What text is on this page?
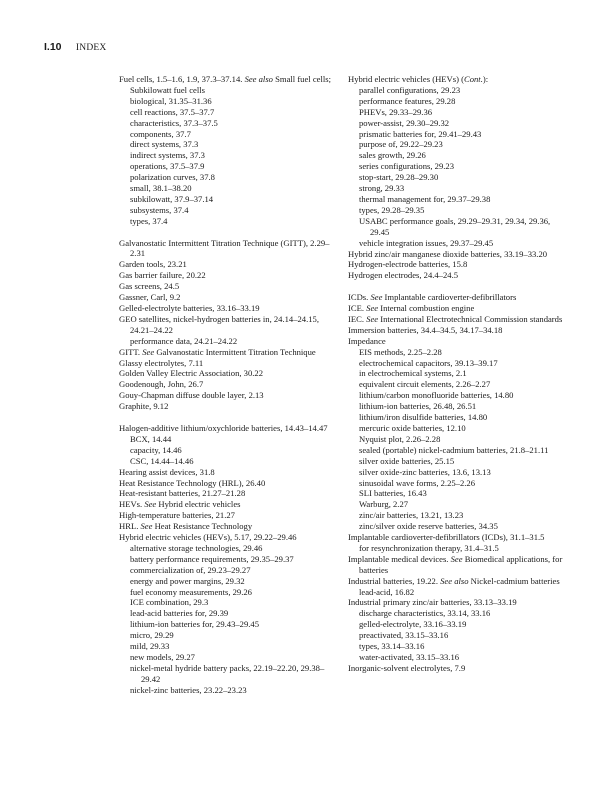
I.10 INDEX

Fuel cells, 1.5–1.6, 1.9, 37.3–37.14. See also Small fuel cells; Subkilowatt fuel cells

biological, 31.35–31.36

cell reactions, 37.5–37.7

characteristics, 37.3–37.5

components, 37.7

direct systems, 37.3

indirect systems, 37.3

operations, 37.5–37.9

polarization curves, 37.8

small, 38.1–38.20

subkilowatt, 37.9–37.14

subsystems, 37.4

types, 37.4

Galvanostatic Intermittent Titration Technique (GITT), 2.29–2.31

Garden tools, 23.21

Gas barrier failure, 20.22

Gas screens, 24.5

Gassner, Carl, 9.2

Gelled-electrolyte batteries, 33.16–33.19

GEO satellites, nickel-hydrogen batteries in, 24.14–24.15, 24.21–24.22

performance data, 24.21–24.22

GITT. See Galvanostatic Intermittent Titration Technique

Glassy electrolytes, 7.11

Golden Valley Electric Association, 30.22

Goodenough, John, 26.7

Gouy-Chapman diffuse double layer, 2.13

Graphite, 9.12

Halogen-additive lithium/oxychloride batteries, 14.43–14.47

BCX, 14.44

capacity, 14.46

CSC, 14.44–14.46

Hearing assist devices, 31.8

Heat Resistance Technology (HRL), 26.40

Heat-resistant batteries, 21.27–21.28

HEVs. See Hybrid electric vehicles

High-temperature batteries, 21.27

HRL. See Heat Resistance Technology

Hybrid electric vehicles (HEVs), 5.17, 29.22–29.46

alternative storage technologies, 29.46

battery performance requirements, 29.35–29.37

commercialization of, 29.23–29.27

energy and power margins, 29.32

fuel economy measurements, 29.26

ICE combination, 29.3

lead-acid batteries for, 29.39

lithium-ion batteries for, 29.43–29.45

micro, 29.29

mild, 29.33

new models, 29.27

nickel-metal hydride battery packs, 22.19–22.20, 29.38–29.42

nickel-zinc batteries, 23.22–23.23

Hybrid electric vehicles (HEVs) (Cont.):

parallel configurations, 29.23

performance features, 29.28

PHEVs, 29.33–29.36

power-assist, 29.30–29.32

prismatic batteries for, 29.41–29.43

purpose of, 29.22–29.23

sales growth, 29.26

series configurations, 29.23

stop-start, 29.28–29.30

strong, 29.33

thermal management for, 29.37–29.38

types, 29.28–29.35

USABC performance goals, 29.29–29.31, 29.34, 29.36, 29.45

vehicle integration issues, 29.37–29.45

Hybrid zinc/air manganese dioxide batteries, 33.19–33.20

Hydrogen-electrode batteries, 15.8

Hydrogen electrodes, 24.4–24.5

ICDs. See Implantable cardioverter-defibrillators

ICE. See Internal combustion engine

IEC. See International Electrotechnical Commission standards

Immersion batteries, 34.4–34.5, 34.17–34.18

Impedance

EIS methods, 2.25–2.28

electrochemical capacitors, 39.13–39.17

in electrochemical systems, 2.1

equivalent circuit elements, 2.26–2.27

lithium/carbon monofluoride batteries, 14.80

lithium-ion batteries, 26.48, 26.51

lithium/iron disulfide batteries, 14.80

mercuric oxide batteries, 12.10

Nyquist plot, 2.26–2.28

sealed (portable) nickel-cadmium batteries, 21.8–21.11

silver oxide batteries, 25.15

silver oxide-zinc batteries, 13.6, 13.13

sinusoidal wave forms, 2.25–2.26

SLI batteries, 16.43

Warburg, 2.27

zinc/air batteries, 13.21, 13.23

zinc/silver oxide reserve batteries, 34.35

Implantable cardioverter-defibrillators (ICDs), 31.1–31.5

for resynchronization therapy, 31.4–31.5

Implantable medical devices. See Biomedical applications, for batteries

Industrial batteries, 19.22. See also Nickel-cadmium batteries

lead-acid, 16.82

Industrial primary zinc/air batteries, 33.13–33.19

discharge characteristics, 33.14, 33.16

gelled-electrolyte, 33.16–33.19

preactivated, 33.15–33.16

types, 33.14–33.16

water-activated, 33.15–33.16

Inorganic-solvent electrolytes, 7.9
